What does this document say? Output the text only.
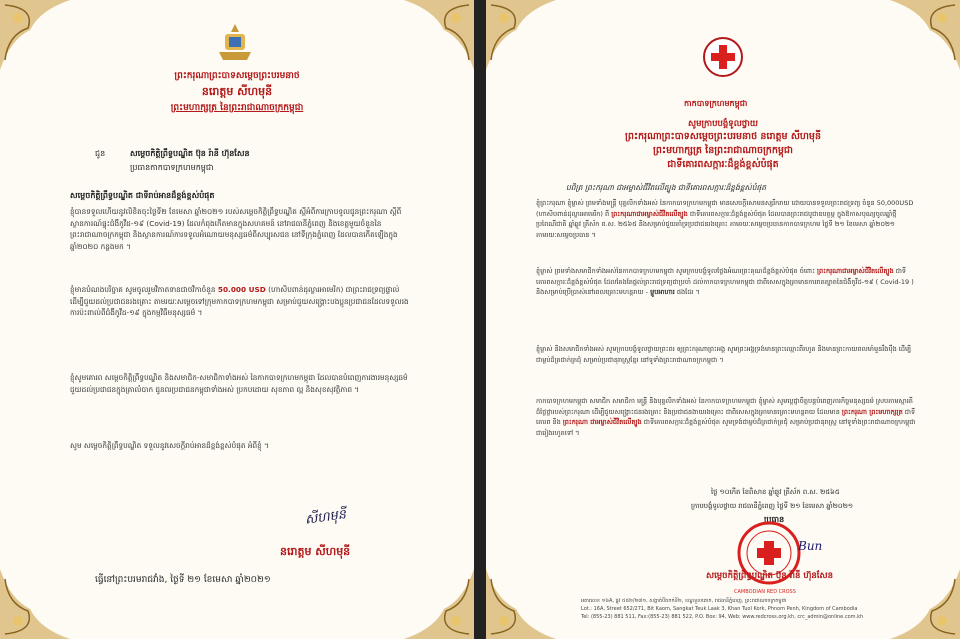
ព្រះករុណាព្រះបាទសម្តេចព្រះបរមនាថ
នរោត្តម សីហមុនី
ព្រះមហាក្សត្រ នៃព្រះរាជាណាចក្រកម្ពុជា
ជូន	សម្តេចកិត្តិព្រឹទ្ធបណ្ឌិត ប៊ុន រ៉ានី ហ៊ុនសែន
ប្រធានកាកបាទក្រហមកម្ពុជា
សម្តេចកិត្តិព្រឹទ្ធបណ្ឌិត ជាទីរាប់អានដ៏ខ្ពង់ខ្ពស់បំផុត
ខ្ញុំបានទទួលហើយនូវលិខិតចុះថ្ងៃទី២ ខែមេសា ឆ្នាំ២០២១ របស់សម្តេចកិត្តិព្រឹទ្ធបណ្ឌិត ស្តីអំពីការក្រាបទូលជូនព្រះករុណា ស្តីពីស្ថានការណ៍ផ្ទុះជំងឺកូវីដ-១៩ (Covid-19) ដែលកំពុងកើតមានក្នុងសហគមន៍ នៅរាជធានីភ្នំពេញ និងខេត្តមួយចំនួននៃព្រះរាជាណាចក្រកម្ពុជា និងស្ថានការណ៍ការទទួលអំណោយមនុស្សធម៌ពីសប្បុរសជន នៅទីក្រុងភ្នំពេញ ដែលបានកើតឡើងក្នុងឆ្នាំ២០២០ កន្លងមក ។
ខ្ញុំមានបំណងបរិច្ចាគ សូមចូលរួមវិភាគទានជាថវិកាចំនួន 50.000 USD (ហាសិបពាន់ដុល្លារអាមេរិក) ជាព្រះរាជទ្រព្យផ្ទាល់ ដើម្បីជួយដល់ប្រជាជនរងគ្រោះ តាមរយៈសម្តេចទៅក្រុមកាកបាទក្រហមកម្ពុជា សម្រាប់ជួយសង្គ្រោះបងប្អូនប្រជាជនដែលទទួលរងការប៉ះពាល់ពីជំងឺកូវីដ-១៩ ក្នុងកម្មវិធីមនុស្សធម៌ ។
ខ្ញុំសូមគោរព សម្តេចកិត្តិព្រឹទ្ធបណ្ឌិត និងសមាជិក-សមាជិកាទាំងអស់ នៃកាកបាទក្រហមកម្ពុជា ដែលបានបំពេញការងារមនុស្សធម៌ ជួយដល់ប្រជាជនក្នុងគ្រាលំបាក ជូនពរប្រជាជនកម្ពុជាទាំងអស់ ប្រកបដោយ សុខភាព ល្អ និងសុខសុវត្ថិភាព ។
សូម សម្តេចកិត្តិព្រឹទ្ធបណ្ឌិត ទទួលនូវសេចក្តីរាប់អានដ៏ខ្ពង់ខ្ពស់បំផុត អំពីខ្ញុំ ។
សីហមុនី
នរោត្តម សីហមុនី
ធ្វើនៅព្រះបរមរាជវាំង, ថ្ងៃទី ២១ ខែមេសា ឆ្នាំ២០២១
កាកបាទក្រហមកម្ពុជា
សូមក្រាបបង្គំទូលថ្វាយ
ព្រះករុណាព្រះបាទសម្តេចព្រះបរមនាថ នរោត្តម សីហមុនី
ព្រះមហាក្សត្រ នៃព្រះរាជាណាចក្រកម្ពុជា
ជាទីគោរពសក្ការៈដ៏ខ្ពង់ខ្ពស់បំផុត
បពិត្រ ព្រះករុណា ជាអម្ចាស់ជីវិតលើត្បូង ជាទីគោរពសក្ការៈដ៏ខ្ពង់ខ្ពស់បំផុត
ខ្ញុំព្រះករុណា ខ្ញុំម្ចាស់ ព្រមទាំងមន្ត្រី បុគ្គលិកទាំងអស់ នៃកាកបាទក្រហមកម្ពុជា មានសេចក្តីសោមនស្សរីករាយ ដោយបានទទួលព្រះរាជទ្រព្យ ចំនួន 50,000USD (ហាសិបពាន់ដុល្លារអាមេរិក) ពី ព្រះករុណាជាអម្ចាស់ជីវិតលើត្បូង ជាទីគោរពសក្ការៈដ៏ខ្ពង់ខ្ពស់បំផុត ដែលបានព្រះរាជបូជាឧបត្ថម្ភ ក្នុងឱកាសបុណ្យចូលឆ្នាំថ្មី ប្រពៃណីជាតិ ឆ្នាំឆ្លូវ ត្រីស័ក ព.ស. ២៥៦៥ និងសម្រាប់ជួយគាំទ្រប្រជាជនរងគ្រោះ តាមរយៈសម្តេចប្រធានកាកបាទក្រហម ថ្ងៃទី ២១ ខែមេសា ឆ្នាំ២០២១ តាមរយៈសម្តេចប្រធាន ។
ខ្ញុំម្ចាស់ ព្រមទាំងសមាជិកទាំងអស់នៃកាកបាទក្រហមកម្ពុជា សូមក្រាបបង្គំទូលថ្លែងអំណរព្រះគុណដ៏ខ្ពង់ខ្ពស់បំផុត ចំពោះ ព្រះករុណាជាអម្ចាស់ជីវិតលើត្បូង ជាទីគោរពសក្ការៈដ៏ខ្ពង់ខ្ពស់បំផុត ដែលតែងតែផ្តល់ព្រះរាជទ្រព្យជាប្រចាំ ដល់កាកបាទក្រហមកម្ពុជា ជាពិសេសក្នុងគ្រាមានការរាតត្បាតនៃជំងឺកូវីដ-១៩ ( Covid-19 ) និងសម្រាប់ប្រើប្រាស់នៅពេលគ្រោះមហន្តរាយ - ម្ហូបអាហារ ផងដែរ ។
ខ្ញុំម្ចាស់ និងសមាជិកទាំងអស់ សូមក្រាបបង្គំទូលថ្វាយព្រះពរ ឲ្យព្រះករុណាព្រះអង្គ សូមព្រះអង្គទ្រង់មានព្រះឈ្មោះពីរហូត និងមានព្រះកាយពលមាំមួនរឹងប៉ឹង ដើម្បីជាម្លប់ដ៏ត្រជាក់ត្រជុំ សម្រាប់ប្រជានុរាស្ត្រខ្មែរ នៅទូទាំងព្រះរាជាណាចក្រកម្ពុជា ។
កាកបាទក្រហមកម្ពុជា សមាជិក សមាជិកា មន្ត្រី និងបុគ្គលិកទាំងអស់ នៃកាកបាទក្រហមកម្ពុជា ខ្ញុំម្ចាស់ សូមប្តេជ្ញាចិត្តបន្តបំពេញភារកិច្ចមនុស្សធម៌ ស្របតាមស្មារតីដ៏ថ្លៃថ្លារបស់ព្រះករុណា ដើម្បីជួយសង្គ្រោះជនរងគ្រោះ និងប្រជាជនងាយរងគ្រោះ ជាពិសេសក្នុងគ្រាមានគ្រោះមហន្តរាយ ដែលមាន ព្រះករុណា ព្រះមហាក្សត្រ ជាទីគោរព និង ព្រះករុណា ជាអម្ចាស់ជីវិតលើត្បូង ជាទីគោរពសក្ការៈដ៏ខ្ពង់ខ្ពស់បំផុត សូមទ្រង់ជាម្លប់ដ៏ត្រជាក់ត្រជុំ សម្រាប់ប្រជានុរាស្ត្រ នៅទូទាំងព្រះរាជាណាចក្រកម្ពុជា ជារៀងរហូតទៅ ។
ថ្ងៃ ១០កើត ខែពិសាខ ឆ្នាំឆ្លូវ ត្រីស័ក ព.ស. ២៥៦៥
ក្រាបបង្គំទូលថ្វាយ រាជធានីភ្នំពេញ ថ្ងៃទី ២១ ខែមេសា ឆ្នាំ២០២១
ប្រធាន
CAMBODIAN RED CROSS
Bun
សម្តេចកិត្តិព្រឹទ្ធបណ្ឌិត ប៊ុន រ៉ានី ហ៊ុនសែន
អគារលេខ ១៦A, ផ្លូវ ៥៥២/២៧១, សង្កាត់បឹងកក់ទី២, ខណ្ឌទួលគោក, រាជធានីភ្នំពេញ, ព្រះរាជាណាចក្រកម្ពុជា
Lot.: 16A, Street 652/271, Bit Kaom, Sangkat Teuk Laak 3, Khan Tuol Kork, Phnom Penh, Kingdom of Cambodia
Tel: (855-23) 881 511, Fax:(855-23) 881 522, P.O. Box: 94, Web: www.redcross.org.kh, crc_admin@online.com.kh
